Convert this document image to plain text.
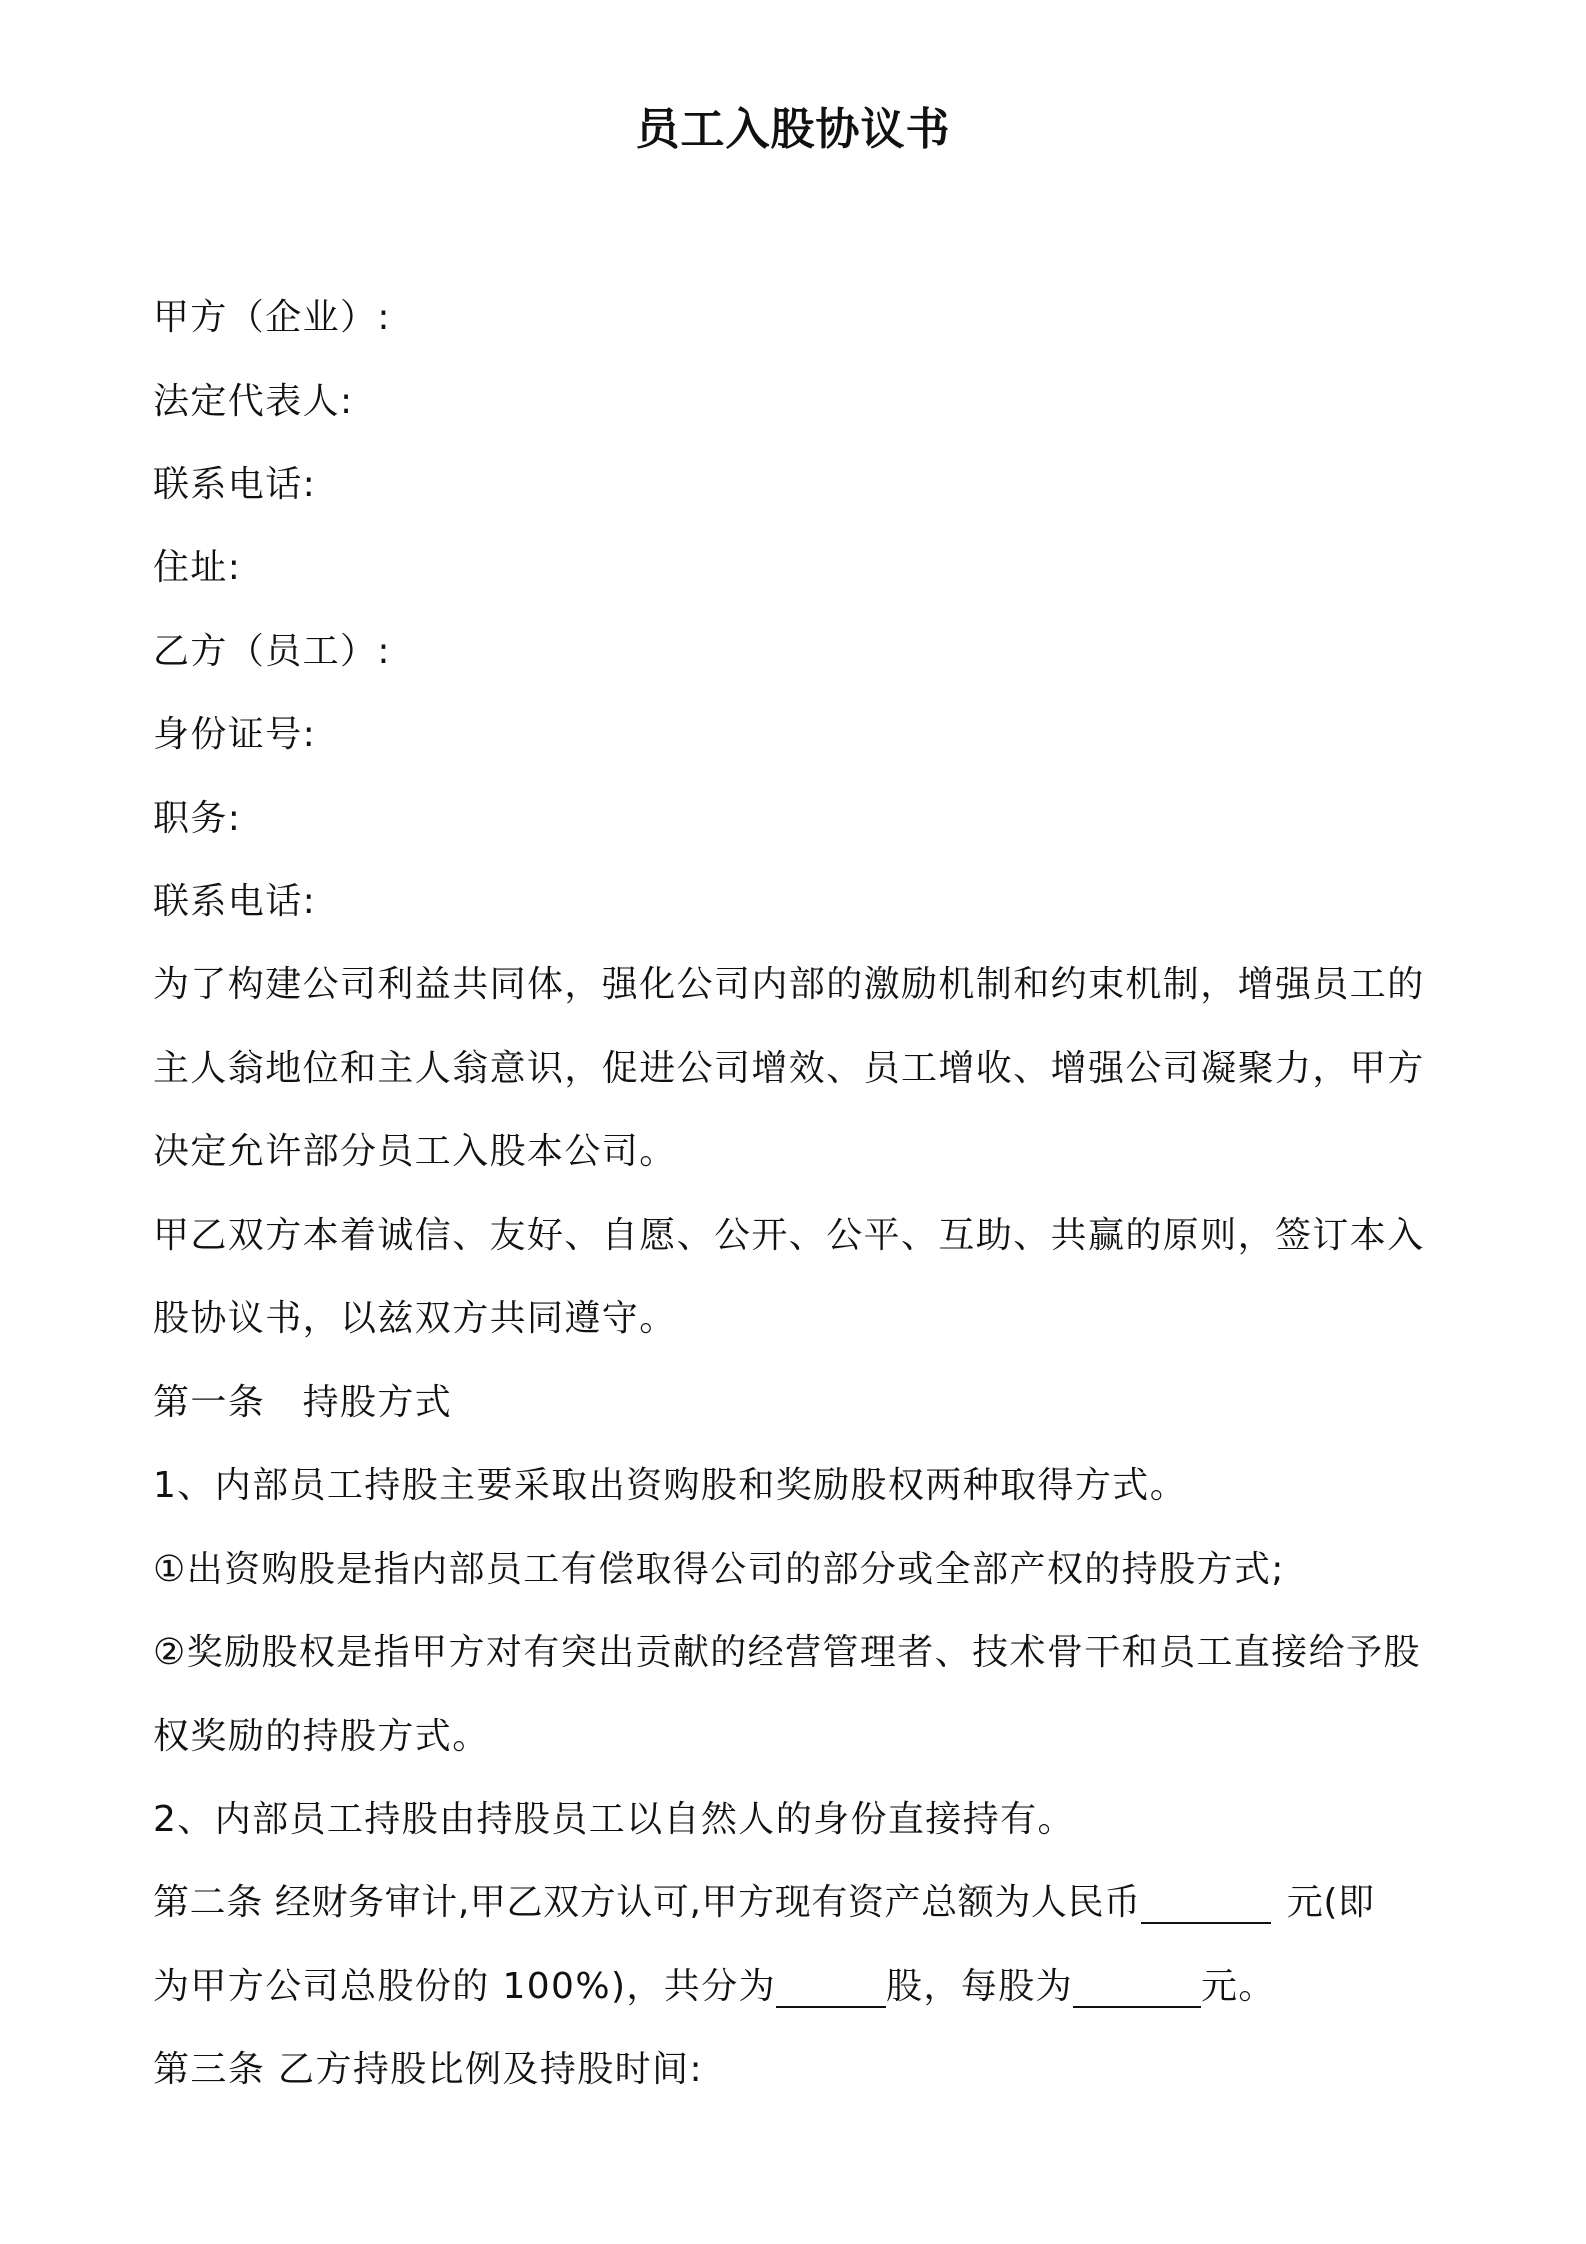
员工入股协议书
甲方（企业）:
法定代表人:
联系电话:
住址:
乙方（员工）:
身份证号:
职务:
联系电话:
为了构建公司利益共同体，强化公司内部的激励机制和约束机制，增强员工的
主人翁地位和主人翁意识，促进公司增效、员工增收、增强公司凝聚力，甲方
决定允许部分员工入股本公司。
甲乙双方本着诚信、友好、自愿、公开、公平、互助、共赢的原则，签订本入
股协议书，以兹双方共同遵守。
第一条　持股方式
1、内部员工持股主要采取出资购股和奖励股权两种取得方式。
①出资购股是指内部员工有偿取得公司的部分或全部产权的持股方式;
②奖励股权是指甲方对有突出贡献的经营管理者、技术骨干和员工直接给予股
权奖励的持股方式。
2、内部员工持股由持股员工以自然人的身份直接持有。
第二条 经财务审计,甲乙双方认可,甲方现有资产总额为人民币	元(即
为甲方公司总股份的 100%)，共分为	股，每股为	元。
第三条 乙方持股比例及持股时间:
